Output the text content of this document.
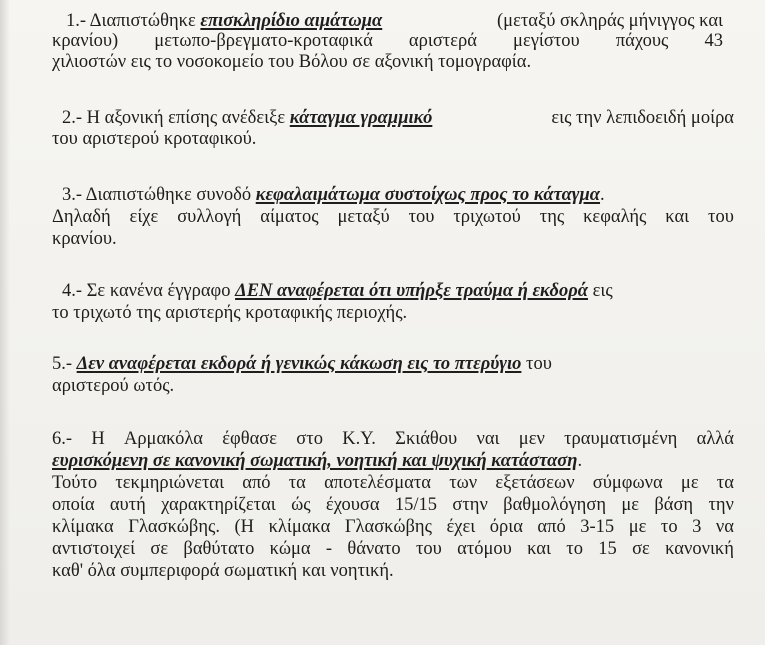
1.- Διαπιστώθηκε επισκληρίδιο αιμάτωμα	(μεταξύ σκληράς μήνιγγος και
κρανίου) μετωπο-βρεγματο-κροταφικά αριστερά μεγίστου πάχους 43
χιλιοστών εις το νοσοκομείο του Βόλου σε αξονική τομογραφία.
2.- Η αξονική επίσης ανέδειξε κάταγμα γραμμικό	εις την λεπιδοειδή μοίρα
του αριστερού κροταφικού.
3.- Διαπιστώθηκε συνοδό κεφαλαιμάτωμα συστοίχως προς το κάταγμα.
Δηλαδή είχε συλλογή αίματος μεταξύ του τριχωτού της κεφαλής και του
κρανίου.
4.- Σε κανένα έγγραφο ΔΕΝ αναφέρεται ότι υπήρξε τραύμα ή εκδορά εις
το τριχωτό της αριστερής κροταφικής περιοχής.
5.- Δεν αναφέρεται εκδορά ή γενικώς κάκωση εις το πτερύγιο του
αριστερού ωτός.
6.- Η Αρμακόλα έφθασε στο Κ.Υ. Σκιάθου ναι μεν τραυματισμένη αλλά
ευρισκόμενη σε κανονική σωματική, νοητική και ψυχική κατάσταση.
Τούτο τεκμηριώνεται από τα αποτελέσματα των εξετάσεων σύμφωνα με τα
οποία αυτή χαρακτηρίζεται ώς έχουσα 15/15 στην βαθμολόγηση με βάση την
κλίμακα Γλασκώβης. (Η κλίμακα Γλασκώβης έχει όρια από 3-15 με το 3 να
αντιστοιχεί σε βαθύτατο κώμα - θάνατο του ατόμου και το 15 σε κανονική
καθ' όλα συμπεριφορά σωματική και νοητική.
